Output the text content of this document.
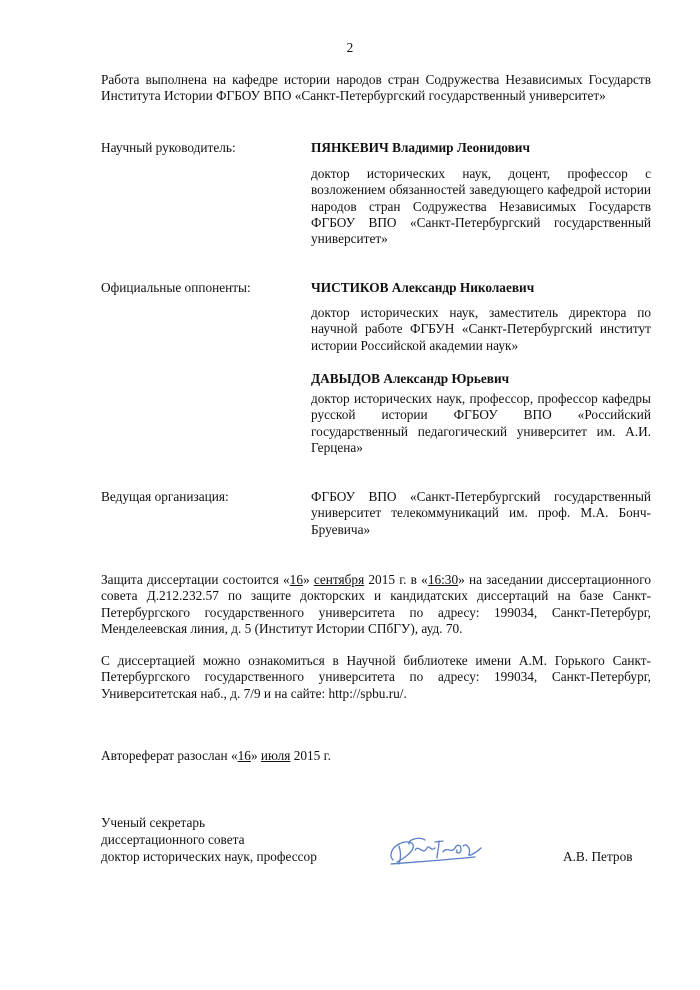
2

Работа выполнена на кафедре истории народов стран Содружества Независимых Государств Института Истории ФГБОУ ВПО «Санкт-Петербургский государственный университет»

Научный руководитель:	ПЯНКЕВИЧ Владимир Леонидович

доктор исторических наук, доцент, профессор с возложением обязанностей заведующего кафедрой истории народов стран Содружества Независимых Государств ФГБОУ ВПО «Санкт-Петербургский государственный университет»

Официальные оппоненты:	ЧИСТИКОВ Александр Николаевич

доктор исторических наук, заместитель директора по научной работе ФГБУН «Санкт-Петербургский институт истории Российской академии наук»

ДАВЫДОВ Александр Юрьевич

доктор исторических наук, профессор, профессор кафедры русской истории ФГБОУ ВПО «Российский государственный педагогический университет им. А.И. Герцена»

Ведущая организация:	ФГБОУ ВПО «Санкт-Петербургский государственный университет телекоммуникаций им. проф. М.А. Бонч-Бруевича»

Защита диссертации состоится «16» сентября 2015 г. в «16:30» на заседании диссертационного совета Д.212.232.57 по защите докторских и кандидатских диссертаций на базе Санкт-Петербургского государственного университета по адресу: 199034, Санкт-Петербург, Менделеевская линия, д. 5 (Институт Истории СПбГУ), ауд. 70.

С диссертацией можно ознакомиться в Научной библиотеке имени А.М. Горького Санкт-Петербургского государственного университета по адресу: 199034, Санкт-Петербург, Университетская наб., д. 7/9 и на сайте: http://spbu.ru/.

Автореферат разослан «16» июля 2015 г.

Ученый секретарь
диссертационного совета
доктор исторических наук, профессор	А.В. Петров
